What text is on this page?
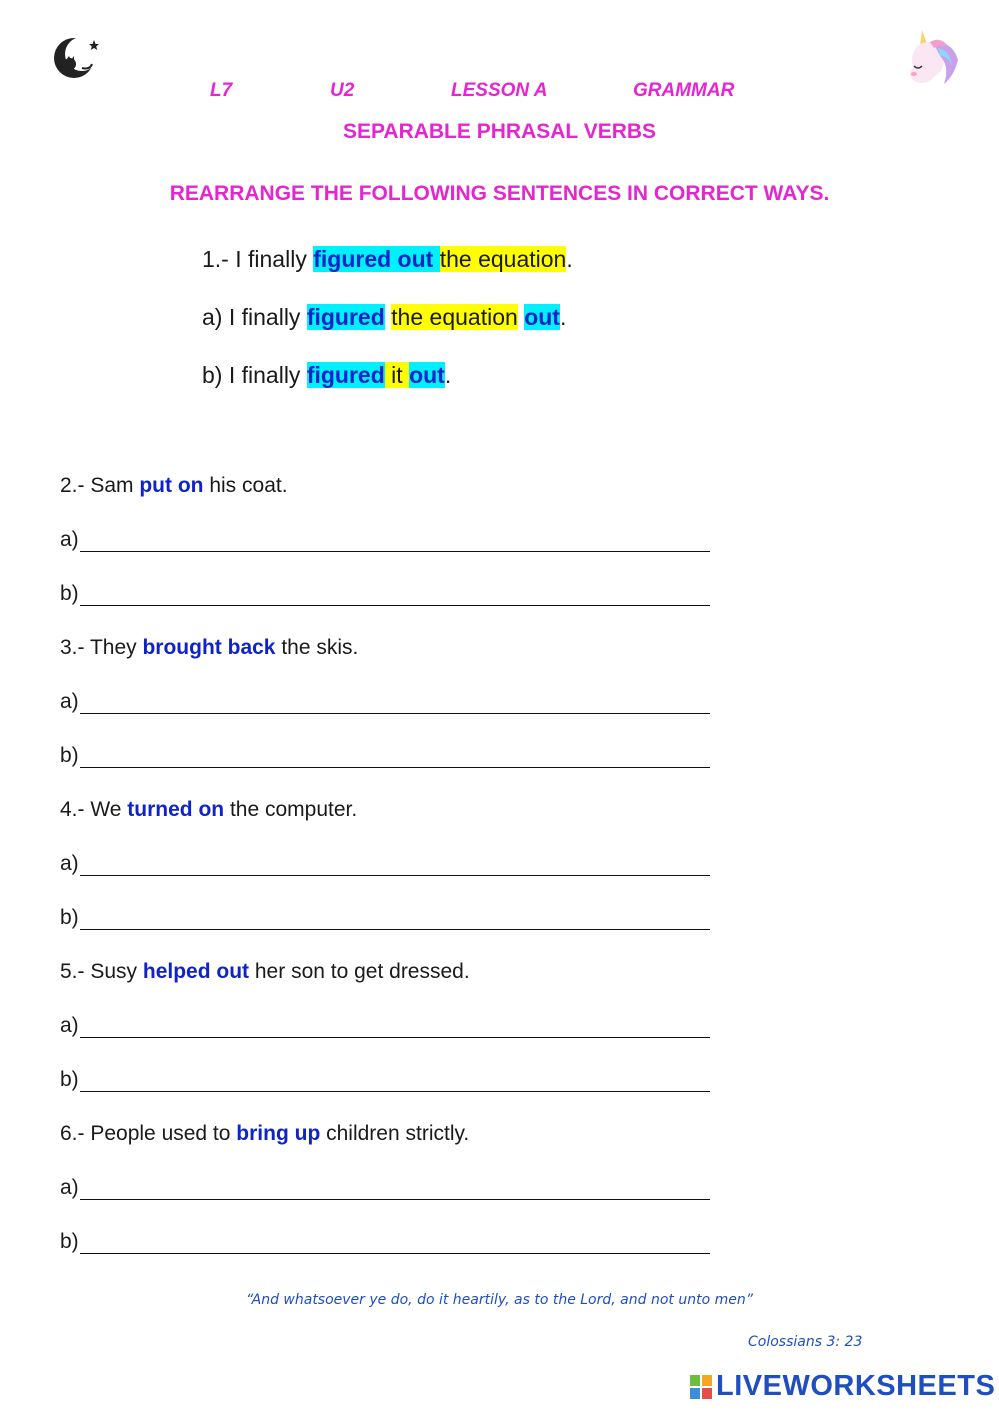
L7	U2	LESSON A	GRAMMAR
SEPARABLE PHRASAL VERBS
REARRANGE THE FOLLOWING SENTENCES IN CORRECT WAYS.
1.- I finally figured out the equation.
a) I finally figured the equation out.
b) I finally figured it out.
2.- Sam put on his coat.
a)
b)
3.- They brought back the skis.
a)
b)
4.- We turned on the computer.
a)
b)
5.- Susy helped out her son to get dressed.
a)
b)
6.- People used to bring up children strictly.
a)
b)
“And whatsoever ye do, do it heartily, as to the Lord, and not unto men”
Colossians 3: 23
LIVEWORKSHEETS
